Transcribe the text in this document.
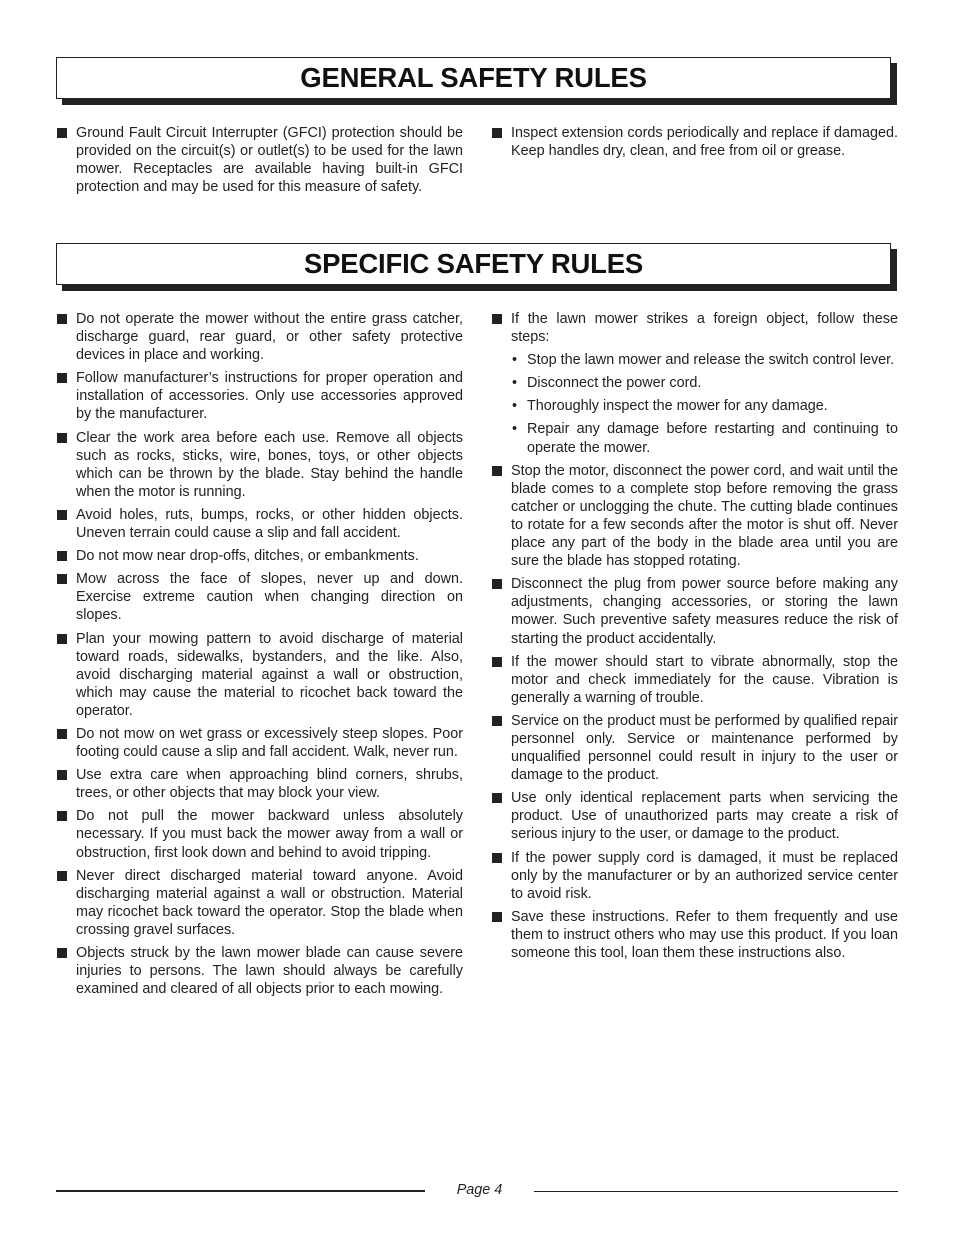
GENERAL SAFETY RULES
Ground Fault Circuit Interrupter (GFCI) protection should be provided on the circuit(s) or outlet(s) to be used for the lawn mower. Receptacles are available having built-in GFCI protection and may be used for this measure of safety.
Inspect extension cords periodically and replace if damaged. Keep handles dry, clean, and free from oil or grease.
SPECIFIC SAFETY RULES
Do not operate the mower without the entire grass catcher, discharge guard, rear guard, or other safety protective devices in place and working.
Follow manufacturer’s instructions for proper operation and installation of accessories. Only use accessories approved by the manufacturer.
Clear the work area before each use. Remove all objects such as rocks, sticks, wire, bones, toys, or other objects which can be thrown by the blade. Stay behind the handle when the motor is running.
Avoid holes, ruts, bumps, rocks, or other hidden objects. Uneven terrain could cause a slip and fall accident.
Do not mow near drop-offs, ditches, or embankments.
Mow across the face of slopes, never up and down. Exercise extreme caution when changing direction on slopes.
Plan your mowing pattern to avoid discharge of material toward roads, sidewalks, bystanders, and the like. Also, avoid discharging material against a wall or obstruction, which may cause the material to ricochet back toward the operator.
Do not mow on wet grass or excessively steep slopes. Poor footing could cause a slip and fall accident. Walk, never run.
Use extra care when approaching blind corners, shrubs, trees, or other objects that may block your view.
Do not pull the mower backward unless absolutely necessary. If you must back the mower away from a wall or obstruction, first look down and behind to avoid tripping.
Never direct discharged material toward anyone. Avoid discharging material against a wall or obstruction. Material may ricochet back toward the operator. Stop the blade when crossing gravel surfaces.
Objects struck by the lawn mower blade can cause severe injuries to persons. The lawn should always be carefully examined and cleared of all objects prior to each mowing.
If the lawn mower strikes a foreign object, follow these steps:
• Stop the lawn mower and release the switch control lever.
• Disconnect the power cord.
• Thoroughly inspect the mower for any damage.
• Repair any damage before restarting and continuing to operate the mower.
Stop the motor, disconnect the power cord, and wait until the blade comes to a complete stop before removing the grass catcher or unclogging the chute. The cutting blade continues to rotate for a few seconds after the motor is shut off. Never place any part of the body in the blade area until you are sure the blade has stopped rotating.
Disconnect the plug from power source before making any adjustments, changing accessories, or storing the lawn mower. Such preventive safety measures reduce the risk of starting the product accidentally.
If the mower should start to vibrate abnormally, stop the motor and check immediately for the cause. Vibration is generally a warning of trouble.
Service on the product must be performed by qualified repair personnel only. Service or maintenance performed by unqualified personnel could result in injury to the user or damage to the product.
Use only identical replacement parts when servicing the product. Use of unauthorized parts may create a risk of serious injury to the user, or damage to the product.
If the power supply cord is damaged, it must be replaced only by the manufacturer or by an authorized service center to avoid risk.
Save these instructions. Refer to them frequently and use them to instruct others who may use this product. If you loan someone this tool, loan them these instructions also.
Page 4
